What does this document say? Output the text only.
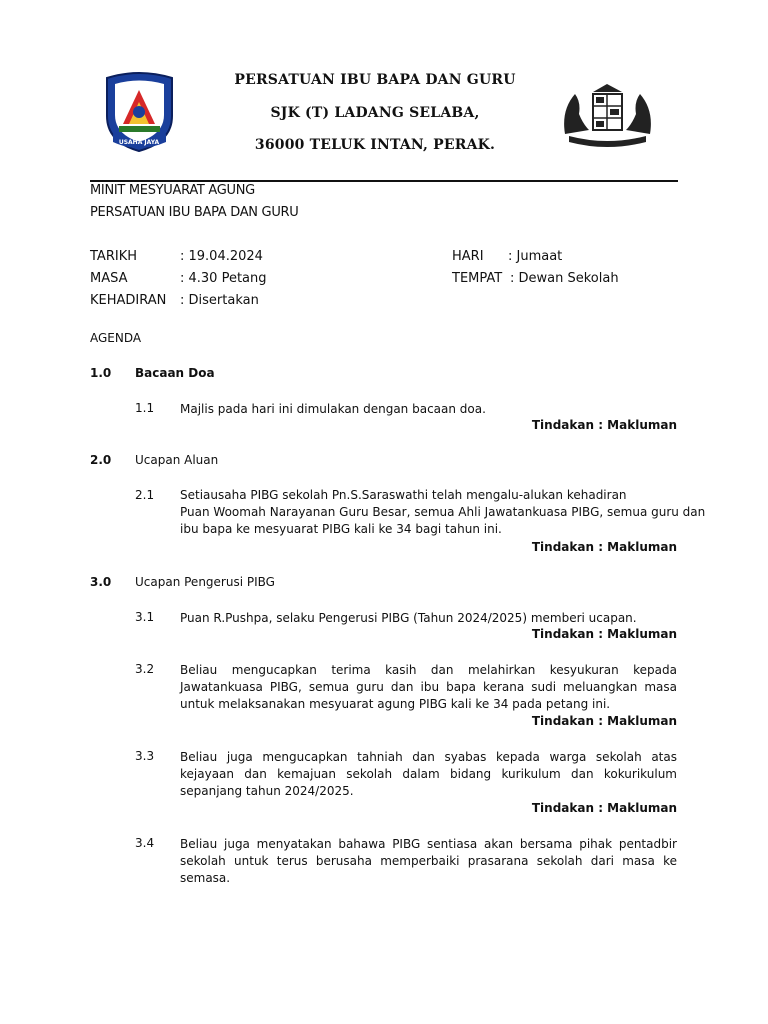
USAHA JAYA
PERSATUAN IBU BAPA DAN GURU
SJK (T) LADANG SELABA,
36000 TELUK INTAN, PERAK.
MINIT MESYUARAT AGUNG
PERSATUAN IBU BAPA DAN GURU
TARIKH	: 19.04.2024
MASA	: 4.30 Petang
KEHADIRAN : Disertakan
HARI : Jumaat
TEMPAT : Dewan Sekolah
AGENDA
1.0 Bacaan Doa
1.1 Majlis pada hari ini dimulakan dengan bacaan doa.
Tindakan : Makluman
2.0 Ucapan Aluan
2.1 Setiausaha PIBG sekolah Pn.S.Saraswathi telah mengalu-alukan kehadiran
Puan Woomah Narayanan Guru Besar, semua Ahli Jawatankuasa PIBG, semua guru dan
ibu bapa ke mesyuarat PIBG kali ke 34 bagi tahun ini.
Tindakan : Makluman
3.0 Ucapan Pengerusi PIBG
3.1 Puan R.Pushpa, selaku Pengerusi PIBG (Tahun 2024/2025) memberi ucapan.
Tindakan : Makluman
3.2 Beliau mengucapkan terima kasih dan melahirkan kesyukuran kepada Jawatankuasa PIBG, semua guru dan ibu bapa kerana sudi meluangkan masa untuk melaksanakan mesyuarat agung PIBG kali ke 34 pada petang ini.
Tindakan : Makluman
3.3 Beliau juga mengucapkan tahniah dan syabas kepada warga sekolah atas kejayaan dan kemajuan sekolah dalam bidang kurikulum dan kokurikulum sepanjang tahun 2024/2025.
Tindakan : Makluman
3.4 Beliau juga menyatakan bahawa PIBG sentiasa akan bersama pihak pentadbir sekolah untuk terus berusaha memperbaiki prasarana sekolah dari masa ke semasa.
